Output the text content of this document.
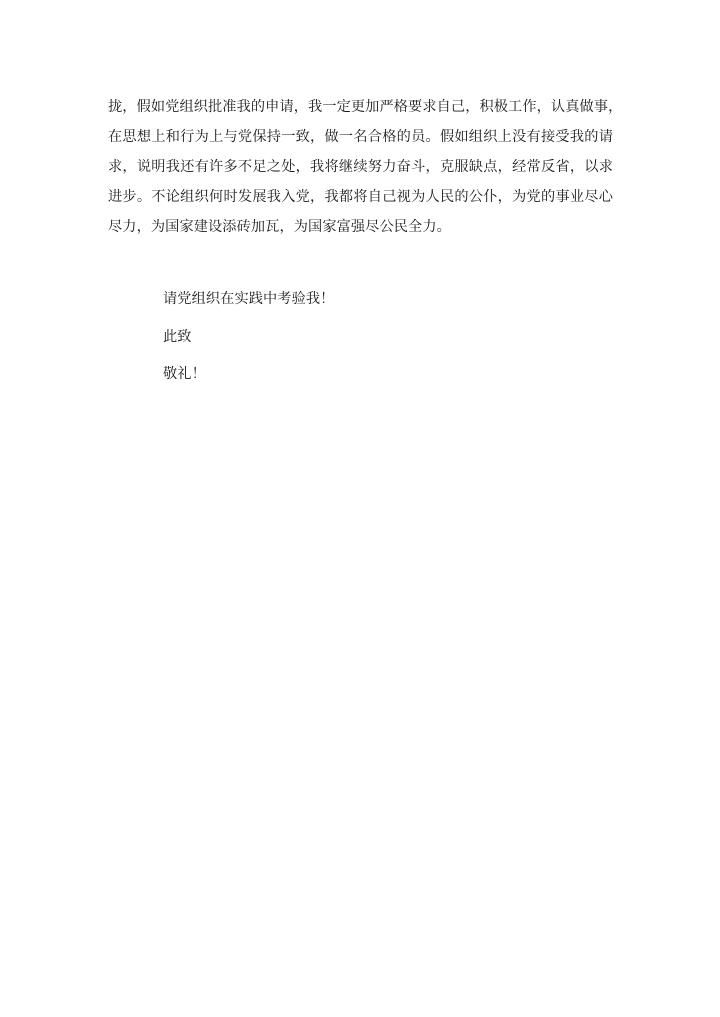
拢，假如党组织批准我的申请，我一定更加严格要求自己，积极工作，认真做事，
在思想上和行为上与党保持一致，做一名合格的员。假如组织上没有接受我的请
求，说明我还有许多不足之处，我将继续努力奋斗，克服缺点，经常反省，以求
进步。不论组织何时发展我入党，我都将自己视为人民的公仆，为党的事业尽心
尽力，为国家建设添砖加瓦，为国家富强尽公民全力。
请党组织在实践中考验我！
此致
敬礼！
